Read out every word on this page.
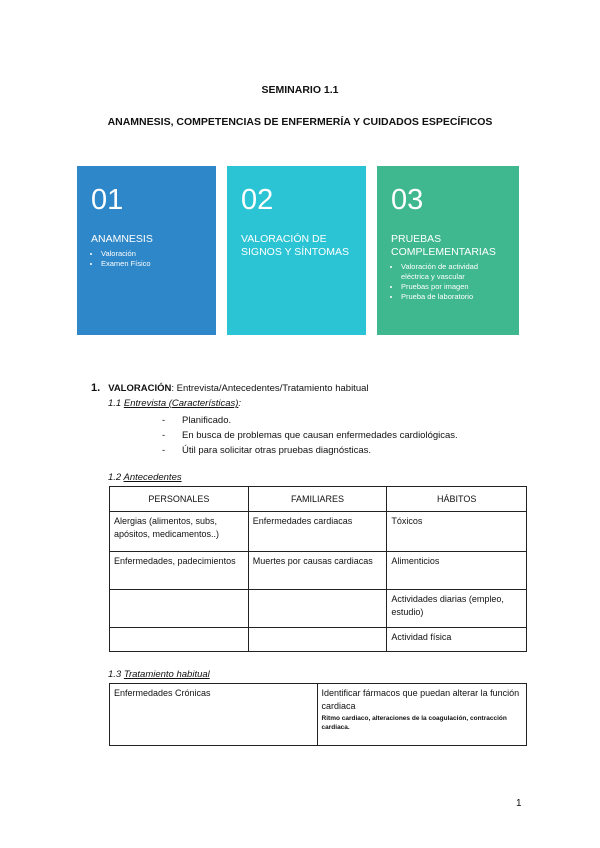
SEMINARIO 1.1
ANAMNESIS, COMPETENCIAS DE ENFERMERÍA Y CUIDADOS ESPECÍFICOS
01
ANAMNESIS
• Valoración
• Examen Físico
02
VALORACIÓN DE SIGNOS Y SÍNTOMAS
03
PRUEBAS COMPLEMENTARIAS
• Valoración de actividad eléctrica y vascular
• Pruebas por imagen
• Prueba de laboratorio
1. VALORACIÓN: Entrevista/Antecedentes/Tratamiento habitual
1.1 Entrevista (Características):
- Planificado.
- En busca de problemas que causan enfermedades cardiológicas.
- Útil para solicitar otras pruebas diagnósticas.
1.2 Antecedentes
PERSONALES	FAMILIARES	HÁBITOS
Alergias (alimentos, subs, apósitos, medicamentos..)	Enfermedades cardiacas	Tóxicos
Enfermedades, padecimientos	Muertes por causas cardiacas	Alimenticios
		Actividades diarias (empleo, estudio)
		Actividad física
1.3 Tratamiento habitual
Enfermedades Crónicas	Identificar fármacos que puedan alterar la función cardiaca
Ritmo cardiaco, alteraciones de la coagulación, contracción cardiaca.
1
